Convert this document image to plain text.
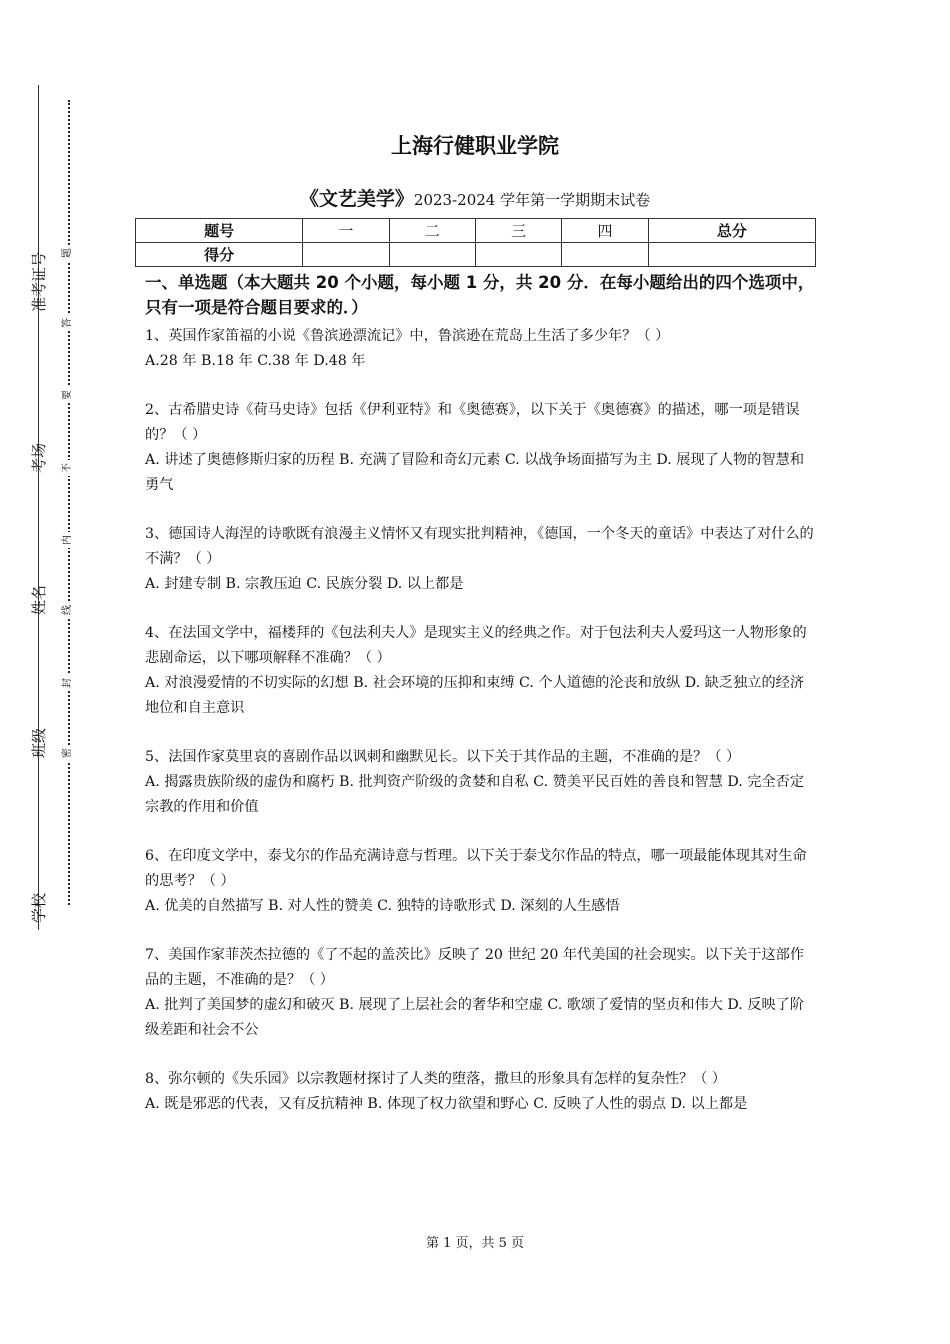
准考证号
考场
姓名
班级
学校
题
答
要
不
内
线
封
密
上海行健职业学院
《文艺美学》2023-2024 学年第一学期期末试卷
题号	一	二	三	四	总分
得分					
一、单选题（本大题共 20 个小题，每小题 1 分，共 20 分．在每小题给出的四个选项中，只有一项是符合题目要求的．）

1、英国作家笛福的小说《鲁滨逊漂流记》中，鲁滨逊在荒岛上生活了多少年？（ ）

A.28 年 B.18 年 C.38 年 D.48 年

2、古希腊史诗《荷马史诗》包括《伊利亚特》和《奥德赛》，以下关于《奥德赛》的描述，哪一项是错误的？（ ）

A. 讲述了奥德修斯归家的历程 B. 充满了冒险和奇幻元素 C. 以战争场面描写为主 D. 展现了人物的智慧和勇气

3、德国诗人海涅的诗歌既有浪漫主义情怀又有现实批判精神，《德国，一个冬天的童话》中表达了对什么的不满？（ ）

A. 封建专制 B. 宗教压迫 C. 民族分裂 D. 以上都是

4、在法国文学中，福楼拜的《包法利夫人》是现实主义的经典之作。对于包法利夫人爱玛这一人物形象的悲剧命运，以下哪项解释不准确？（ ）

A. 对浪漫爱情的不切实际的幻想 B. 社会环境的压抑和束缚 C. 个人道德的沦丧和放纵 D. 缺乏独立的经济地位和自主意识

5、法国作家莫里哀的喜剧作品以讽刺和幽默见长。以下关于其作品的主题，不准确的是？（ ）

A. 揭露贵族阶级的虚伪和腐朽 B. 批判资产阶级的贪婪和自私 C. 赞美平民百姓的善良和智慧 D. 完全否定宗教的作用和价值

6、在印度文学中，泰戈尔的作品充满诗意与哲理。以下关于泰戈尔作品的特点，哪一项最能体现其对生命的思考？（ ）

A. 优美的自然描写 B. 对人性的赞美 C. 独特的诗歌形式 D. 深刻的人生感悟

7、美国作家菲茨杰拉德的《了不起的盖茨比》反映了 20 世纪 20 年代美国的社会现实。以下关于这部作品的主题，不准确的是？（ ）

A. 批判了美国梦的虚幻和破灭 B. 展现了上层社会的奢华和空虚 C. 歌颂了爱情的坚贞和伟大 D. 反映了阶级差距和社会不公

8、弥尔顿的《失乐园》以宗教题材探讨了人类的堕落，撒旦的形象具有怎样的复杂性？（ ）

A. 既是邪恶的代表，又有反抗精神 B. 体现了权力欲望和野心 C. 反映了人性的弱点 D. 以上都是

第 1 页，共 5 页
